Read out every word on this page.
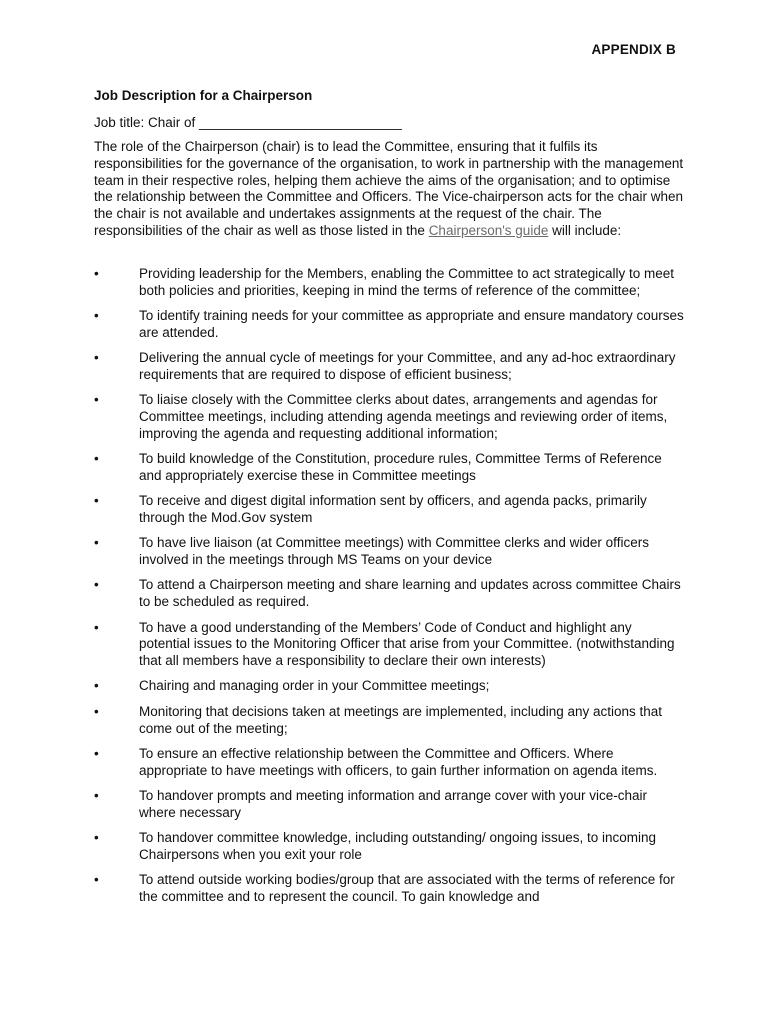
APPENDIX B
Job Description for a Chairperson
Job title: Chair of ___________________________
The role of the Chairperson (chair) is to lead the Committee, ensuring that it fulfils its responsibilities for the governance of the organisation, to work in partnership with the management team in their respective roles, helping them achieve the aims of the organisation; and to optimise the relationship between the Committee and Officers. The Vice-chairperson acts for the chair when the chair is not available and undertakes assignments at the request of the chair. The responsibilities of the chair as well as those listed in the Chairperson's guide will include:
•	Providing leadership for the Members, enabling the Committee to act strategically to meet both policies and priorities, keeping in mind the terms of reference of the committee;
•	To identify training needs for your committee as appropriate and ensure mandatory courses are attended.
•	Delivering the annual cycle of meetings for your Committee, and any ad-hoc extraordinary requirements that are required to dispose of efficient business;
•	To liaise closely with the Committee clerks about dates, arrangements and agendas for Committee meetings, including attending agenda meetings and reviewing order of items, improving the agenda and requesting additional information;
•	To build knowledge of the Constitution, procedure rules, Committee Terms of Reference and appropriately exercise these in Committee meetings
•	To receive and digest digital information sent by officers, and agenda packs, primarily through the Mod.Gov system
•	To have live liaison (at Committee meetings) with Committee clerks and wider officers involved in the meetings through MS Teams on your device
•	To attend a Chairperson meeting and share learning and updates across committee Chairs to be scheduled as required.
•	To have a good understanding of the Members’ Code of Conduct and highlight any potential issues to the Monitoring Officer that arise from your Committee. (notwithstanding that all members have a responsibility to declare their own interests)
•	Chairing and managing order in your Committee meetings;
•	Monitoring that decisions taken at meetings are implemented, including any actions that come out of the meeting;
•	To ensure an effective relationship between the Committee and Officers. Where appropriate to have meetings with officers, to gain further information on agenda items.
•	To handover prompts and meeting information and arrange cover with your vice-chair where necessary
•	To handover committee knowledge, including outstanding/ ongoing issues, to incoming Chairpersons when you exit your role
•	To attend outside working bodies/group that are associated with the terms of reference for the committee and to represent the council. To gain knowledge and
